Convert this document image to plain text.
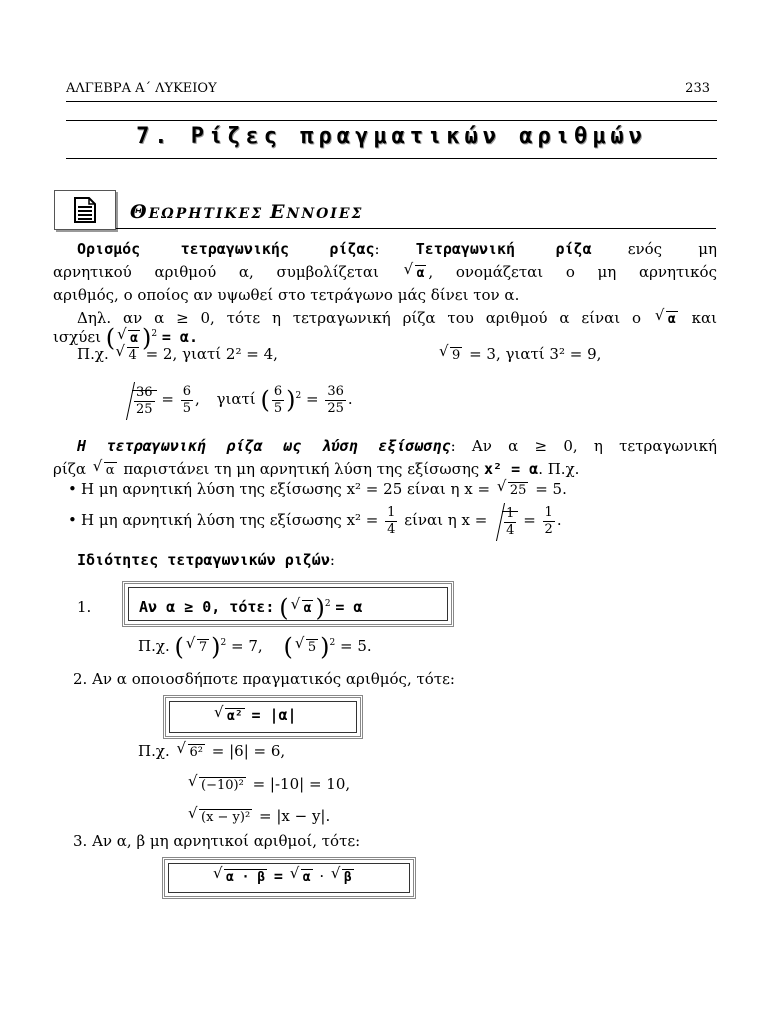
ΑΛΓΕΒΡΑ Α΄ ΛΥΚΕΙΟΥ	233
7. Ρίζες πραγματικών αριθμών
ΘΕΩΡΗΤΙΚΕΣ ΕΝΝΟΙΕΣ
Ορισμός τετραγωνικής ρίζας: Τετραγωνική ρίζα ενός μη
αρνητικού αριθμού α, συμβολίζεται	√ α , ονομάζεται ο μη αρνητικός
αριθμός, ο οποίος αν υψωθεί στο τετράγωνο μάς δίνει τον α.
Δηλ. αν α ≥ 0, τότε η τετραγωνική ρίζα του αριθμού α είναι ο √ α και
ισχύει ( √ α )$^2$ = α.
Π.χ. √ 4 = 2, γιατί 2² = 4,	√ 9 = 3, γιατί 3² = 9,
$\frac{36}{25} = \frac{6}{5}$ , γιατί ( $\frac{6}{5} )^2 = \frac{36}{25}$ .
Η τετραγωνική ρίζα ως λύση εξίσωσης: Αν α ≥ 0, η τετραγωνική
ρίζα √ α παριστάνει τη μη αρνητική λύση της εξίσωσης x² = α. Π.χ.
• Η μη αρνητική λύση της εξίσωσης x² = 25 είναι η x = √ 25 = 5.
• Η μη αρνητική λύση της εξίσωσης $x^2 = \frac{1}{4}$ είναι η $x = \frac{1}{4} = \frac{1}{2}$ .
Ιδιότητες τετραγωνικών ριζών:
1.	Αν α ≥ 0, τότε: ( √ α )$^2$ = α
Π.χ. ( √ 7 )$^2$ = 7, ( √ 5 )$^2$ = 5.
2. Αν α οποιοσδήποτε πραγματικός αριθμός, τότε:
√ α² = |α|
Π.χ. √ 6² = |6| = 6,
√ (−10)² = |-10| = 10,
√ (x − y)² = |x − y|.
3. Αν α, β μη αρνητικοί αριθμοί, τότε:
√ α · β = √ α · √ β
